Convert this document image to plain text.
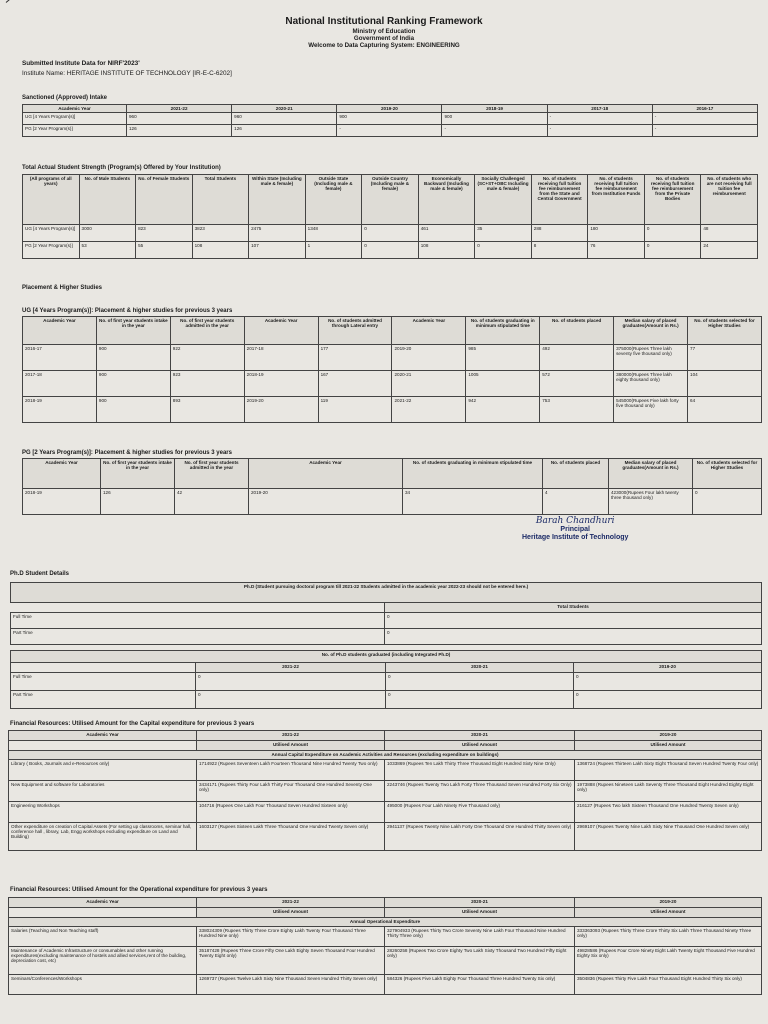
National Institutional Ranking Framework
Ministry of Education
Government of India
Welcome to Data Capturing System: ENGINEERING
Submitted Institute Data for NIRF'2023'
Institute Name: HERITAGE INSTITUTE OF TECHNOLOGY [IR-E-C-6202]
Sanctioned (Approved) Intake
Academic Year	2021-22	2020-21	2019-20	2018-19	2017-18	2016-17
UG [4 Years Program(s)]	960	960	900	900	-	-
PG [2 Year Program(s)]	126	126	-	-	-	-
Total Actual Student Strength (Program(s) Offered by Your Institution)
(All programs of all years)	No. of Male Students	No. of Female Students	Total Students	Within State (Including male & female)	Outside State (Including male & female)	Outside Country (Including male & female)	Economically Backward (Including male & female)	Socially Challenged (SC+ST+OBC Including male & female)	No. of students receiving full tuition fee reimbursement from the State and Central Government	No. of students receiving full tuition fee reimbursement from Institution Funds	No. of students receiving full tuition fee reimbursement from the Private Bodies	No. of students who are not receiving full tuition fee reimbursement
UG [4 Years Program(s)]	3000	823	3823	2475	1348	0	461	35	288	180	0	48
PG [2 Year Program(s)]	53	55	108	107	1	0	108	0	8	76	0	24
Placement & Higher Studies
UG [4 Years Program(s)]: Placement & higher studies for previous 3 years
Academic Year	No. of first year students intake in the year	No. of first year students admitted in the year	Academic Year	No. of students admitted through Lateral entry	Academic Year	No. of students graduating in minimum stipulated time	No. of students placed	Median salary of placed graduates(Amount in Rs.)	No. of students selected for Higher Studies
2016-17	900	922	2017-18	177	2019-20	985	492	375000(Rupees Three lakh seventy five thousand only)	77
2017-18	900	923	2018-19	167	2020-21	1005	572	380000(Rupees Three lakh eighty thousand only)	104
2018-19	900	893	2019-20	119	2021-22	942	753	545000(Rupees Five lakh forty five thousand only)	64
PG [2 Years Program(s)]: Placement & higher studies for previous 3 years
Academic Year	No. of first year students intake in the year	No. of first year students admitted in the year	Academic Year	No. of students graduating in minimum stipulated time	No. of students placed	Median salary of placed graduates(Amount in Rs.)	No. of students selected for Higher Studies
2018-19	126	42	2019-20	34	4	423000(Rupees Four lakh twenty three thousand only)	0
Barah Chandhuri
Principal
Heritage Institute of Technology
Ph.D Student Details
Ph.D (Student pursuing doctoral program till 2021-22 Students admitted in the academic year 2022-23 should not be entered here.)	
	Total Students
Full Time	0
Part Time	0
No. of Ph.D students graduated (including Integrated Ph.D)			
	2021-22	2020-21	2019-20
Full Time	0	0	0
Part Time	0	0	0
Financial Resources: Utilised Amount for the Capital expenditure for previous 3 years
Academic Year	2021-22	2020-21	2019-20
	Utilised Amount	Utilised Amount	Utilised Amount
Annual Capital Expenditure on Academic Activities and Resources (excluding expenditure on buildings)			
Library ( Books, Journals and e-Resources only)	1714922 (Rupees Seventeen Lakh Fourteen Thousand Nine Hundred Twenty Two only)	1033869 (Rupees Ten Lakh Thirty Three Thousand Eight Hundred Sixty Nine Only)	1368724 (Rupees Thirteen Lakh Sixty Eight Thousand Seven Hundred Twenty Four only)
New Equipment and software for Laboratories	3434171 (Rupees Thirty Four Lakh Thirty Four Thousand One Hundred Seventy One only)	2243746 (Rupees Twenty Two Lakh Forty Three Thousand Seven Hundred Forty Six Only)	1973888 (Rupees Nineteen Lakh Seventy Three Thousand Eight Hundred Eighty Eight only)
Engineering Workshops	104716 (Rupees One Lakh Four Thousand Seven Hundred Sixteen only)	495000 (Rupees Four Lakh Ninety Five Thousand only)	216127 (Rupees Two lakh Sixteen Thousand One Hundred Twenty Seven only)
Other expenditure on creation of Capital Assets (For setting up classrooms, seminar hall, conference hall , library, Lab, Engg workshops excluding expenditure on Land and Building)	1603127 (Rupees Sixteen Lakh Three Thousand One Hundred Twenty Seven only)	2941137 (Rupees Twenty Nine Lakh Forty One Thousand One Hundred Thirty Seven only)	2969107 (Rupees Twenty Nine Lakh Sixty Nine Thousand One Hundred Seven only)
Financial Resources: Utilised Amount for the Operational expenditure for previous 3 years
Academic Year	2021-22	2020-21	2019-20
	Utilised Amount	Utilised Amount	Utilised Amount
Annual Operational Expenditure			
Salaries (Teaching and Non Teaching staff)	338024309 (Rupees Thirty Three Crore Eighty Lakh Twenty Four Thousand Three Hundred Nine only)	327904933 (Rupees Thirty Two Crore Seventy Nine Lakh Four Thousand Nine Hundred Thirty Three only)	333363093 (Rupees Thirty Three Crore Thirty Six Lakh Three Thousand Ninety Three only)
Maintenance of Academic Infrastructure or consumables and other running expenditures(excluding maintenance of hostels and allied services,rent of the building, depreciation cost, etc)	35187428 (Rupees Three Crore Fifty One Lakh Eighty Seven Thousand Four Hundred Twenty Eight only)	28260258 (Rupees Two Crore Eighty Two Lakh Sixty Thousand Two Hundred Fifty Eight only)	49828586 (Rupees Four Crore Ninety Eight Lakh Twenty Eight Thousand Five Hundred Eighty Six only)
Seminars/Conferences/Workshops	1269737 (Rupees Twelve Lakh Sixty Nine Thousand Seven Hundred Thirty Seven only)	584326 (Rupees Five Lakh Eighty Four Thousand Three Hundred Twenty Six only)	3504836 (Rupees Thirty Five Lakh Four Thousand Eight Hundred Thirty Six only)
